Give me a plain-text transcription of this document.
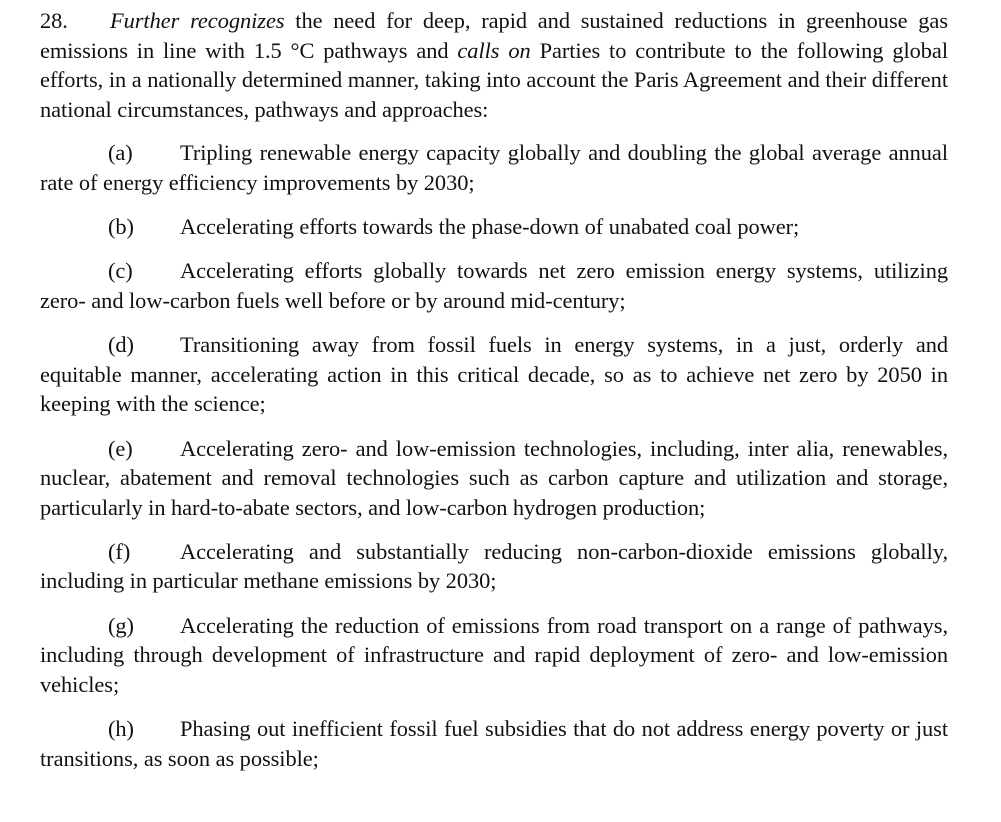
28. Further recognizes the need for deep, rapid and sustained reductions in greenhouse gas emissions in line with 1.5 °C pathways and calls on Parties to contribute to the following global efforts, in a nationally determined manner, taking into account the Paris Agreement and their different national circumstances, pathways and approaches:

(a) Tripling renewable energy capacity globally and doubling the global average annual rate of energy efficiency improvements by 2030;

(b) Accelerating efforts towards the phase-down of unabated coal power;

(c) Accelerating efforts globally towards net zero emission energy systems, utilizing zero- and low-carbon fuels well before or by around mid-century;

(d) Transitioning away from fossil fuels in energy systems, in a just, orderly and equitable manner, accelerating action in this critical decade, so as to achieve net zero by 2050 in keeping with the science;

(e) Accelerating zero- and low-emission technologies, including, inter alia, renewables, nuclear, abatement and removal technologies such as carbon capture and utilization and storage, particularly in hard-to-abate sectors, and low-carbon hydrogen production;

(f) Accelerating and substantially reducing non-carbon-dioxide emissions globally, including in particular methane emissions by 2030;

(g) Accelerating the reduction of emissions from road transport on a range of pathways, including through development of infrastructure and rapid deployment of zero- and low-emission vehicles;

(h) Phasing out inefficient fossil fuel subsidies that do not address energy poverty or just transitions, as soon as possible;
